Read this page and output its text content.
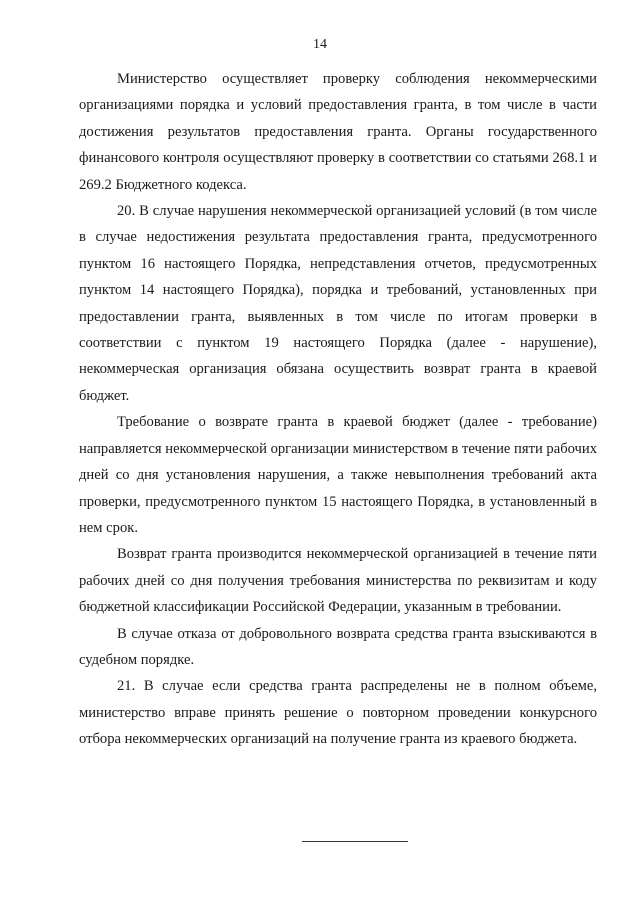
14

Министерство осуществляет проверку соблюдения некоммерческими организациями порядка и условий предоставления гранта, в том числе в части достижения результатов предоставления гранта. Органы государственного финансового контроля осуществляют проверку в соответствии со статьями 268.1 и 269.2 Бюджетного кодекса.

20. В случае нарушения некоммерческой организацией условий (в том числе в случае недостижения результата предоставления гранта, предусмотренного пунктом 16 настоящего Порядка, непредставления отчетов, предусмотренных пунктом 14 настоящего Порядка), порядка и требований, установленных при предоставлении гранта, выявленных в том числе по итогам проверки в соответствии с пунктом 19 настоящего Порядка (далее - нарушение), некоммерческая организация обязана осуществить возврат гранта в краевой бюджет.

Требование о возврате гранта в краевой бюджет (далее - требование) направляется некоммерческой организации министерством в течение пяти рабочих дней со дня установления нарушения, а также невыполнения требований акта проверки, предусмотренного пунктом 15 настоящего Порядка, в установленный в нем срок.

Возврат гранта производится некоммерческой организацией в течение пяти рабочих дней со дня получения требования министерства по реквизитам и коду бюджетной классификации Российской Федерации, указанным в требовании.

В случае отказа от добровольного возврата средства гранта взыскиваются в судебном порядке.

21. В случае если средства гранта распределены не в полном объеме, министерство вправе принять решение о повторном проведении конкурсного отбора некоммерческих организаций на получение гранта из краевого бюджета.
